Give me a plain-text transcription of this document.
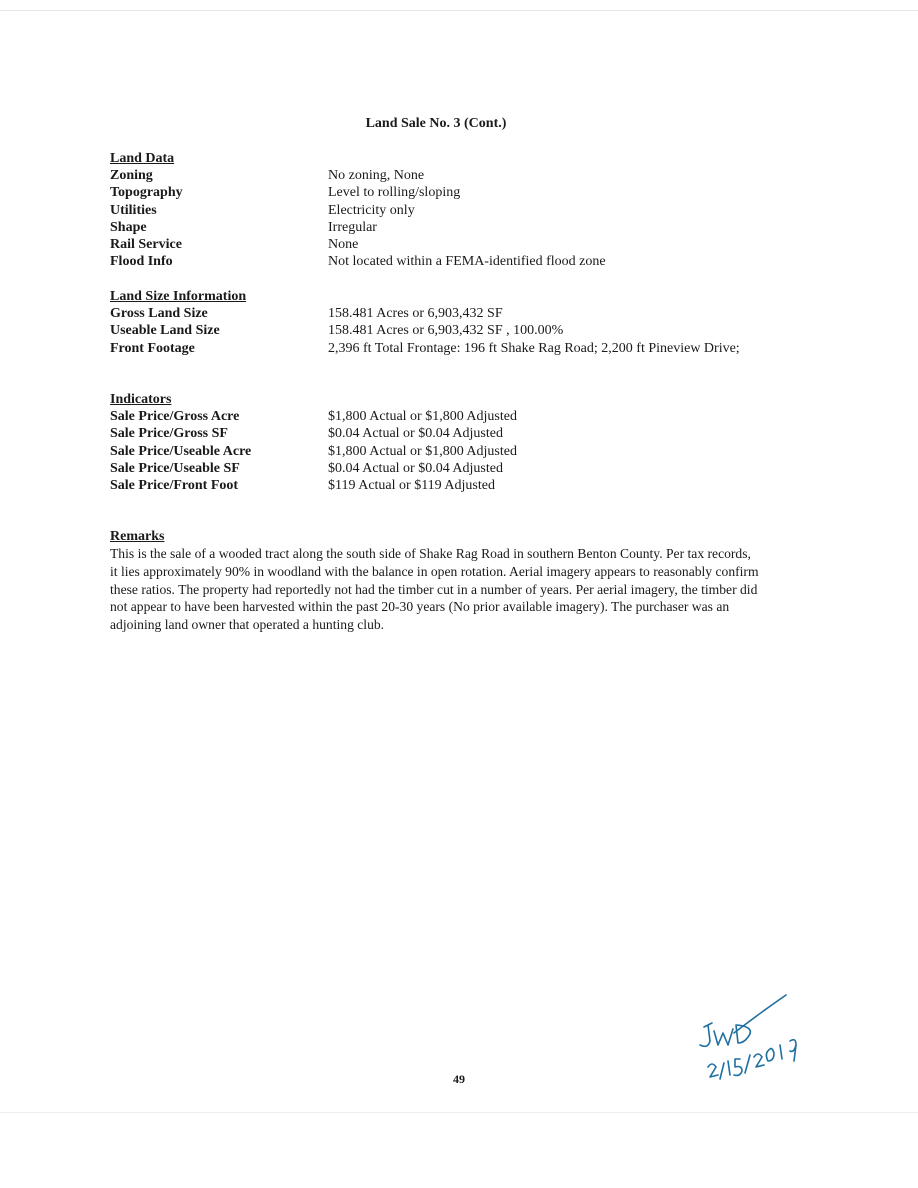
Land Sale No. 3 (Cont.)
Land Data
Zoning	No zoning, None
Topography	Level to rolling/sloping
Utilities	Electricity only
Shape	Irregular
Rail Service	None
Flood Info	Not located within a FEMA-identified flood zone
Land Size Information
Gross Land Size	158.481 Acres or 6,903,432 SF
Useable Land Size	158.481 Acres or 6,903,432 SF , 100.00%
Front Footage	2,396 ft Total Frontage: 196 ft Shake Rag Road; 2,200 ft Pineview Drive;
Indicators
Sale Price/Gross Acre	$1,800 Actual or $1,800 Adjusted
Sale Price/Gross SF	$0.04 Actual or $0.04 Adjusted
Sale Price/Useable Acre	$1,800 Actual or $1,800 Adjusted
Sale Price/Useable SF	$0.04 Actual or $0.04 Adjusted
Sale Price/Front Foot	$119 Actual or $119 Adjusted
Remarks

This is the sale of a wooded tract along the south side of Shake Rag Road in southern Benton County. Per tax records, it lies approximately 90% in woodland with the balance in open rotation. Aerial imagery appears to reasonably confirm these ratios. The property had reportedly not had the timber cut in a number of years. Per aerial imagery, the timber did not appear to have been harvested within the past 20-30 years (No prior available imagery). The purchaser was an adjoining land owner that operated a hunting club.

49
